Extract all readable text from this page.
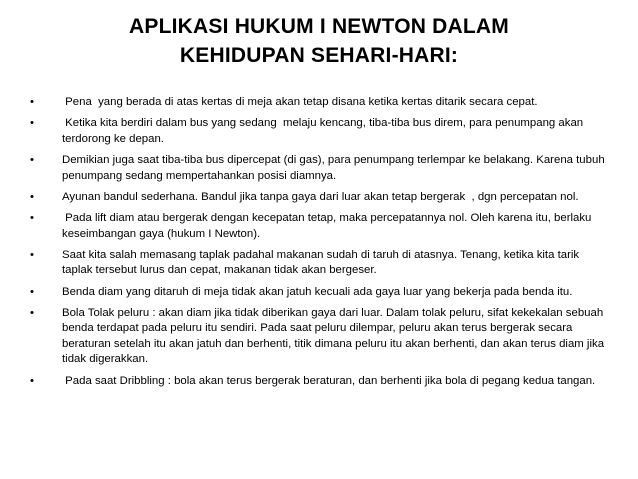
APLIKASI HUKUM I NEWTON DALAM
KEHIDUPAN SEHARI-HARI:
•	Pena  yang berada di atas kertas di meja akan tetap disana ketika kertas ditarik secara cepat.
•	Ketika kita berdiri dalam bus yang sedang  melaju kencang, tiba-tiba bus direm, para penumpang akan terdorong ke depan.
•	Demikian juga saat tiba-tiba bus dipercepat (di gas), para penumpang terlempar ke belakang. Karena tubuh penumpang sedang mempertahankan posisi diamnya.
•	Ayunan bandul sederhana. Bandul jika tanpa gaya dari luar akan tetap bergerak  , dgn percepatan nol.
•	Pada lift diam atau bergerak dengan kecepatan tetap, maka percepatannya nol. Oleh karena itu, berlaku keseimbangan gaya (hukum I Newton).
•	Saat kita salah memasang taplak padahal makanan sudah di taruh di atasnya. Tenang, ketika kita tarik taplak tersebut lurus dan cepat, makanan tidak akan bergeser.
•	Benda diam yang ditaruh di meja tidak akan jatuh kecuali ada gaya luar yang bekerja pada benda itu.
•	Bola Tolak peluru : akan diam jika tidak diberikan gaya dari luar. Dalam tolak peluru, sifat kekekalan sebuah benda terdapat pada peluru itu sendiri. Pada saat peluru dilempar, peluru akan terus bergerak secara beraturan setelah itu akan jatuh dan berhenti, titik dimana peluru itu akan berhenti, dan akan terus diam jika tidak digerakkan.
•	Pada saat Dribbling : bola akan terus bergerak beraturan, dan berhenti jika bola di pegang kedua tangan.
